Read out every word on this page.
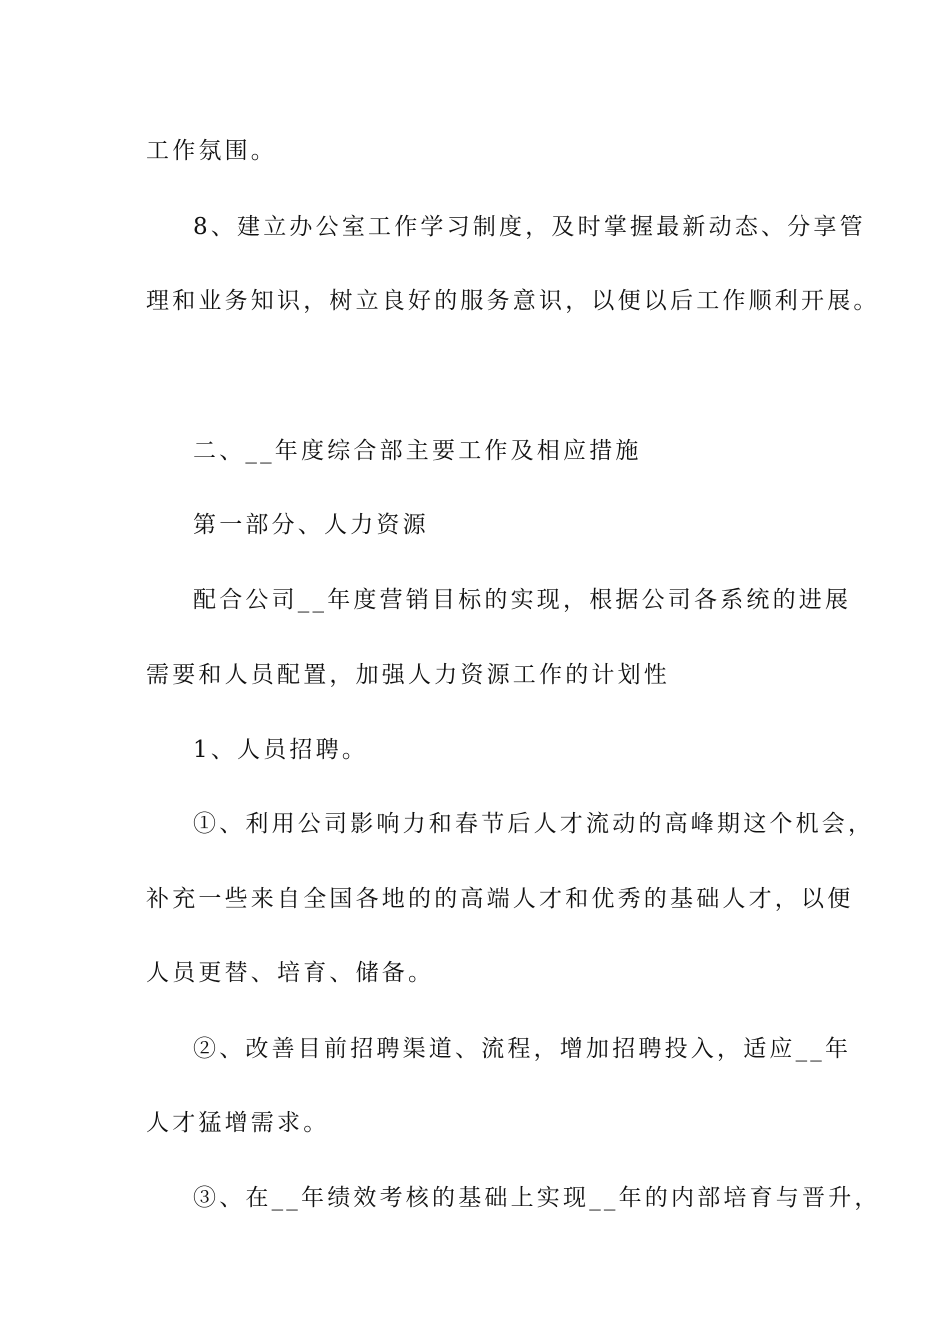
工作氛围。
8、建立办公室工作学习制度，及时掌握最新动态、分享管
理和业务知识，树立良好的服务意识，以便以后工作顺利开展。
二、__年度综合部主要工作及相应措施
第一部分、人力资源
配合公司__年度营销目标的实现，根据公司各系统的进展
需要和人员配置，加强人力资源工作的计划性
1、人员招聘。
①、利用公司影响力和春节后人才流动的高峰期这个机会，
补充一些来自全国各地的的高端人才和优秀的基础人才，以便
人员更替、培育、储备。
②、改善目前招聘渠道、流程，增加招聘投入，适应__年
人才猛增需求。
③、在__年绩效考核的基础上实现__年的内部培育与晋升，
